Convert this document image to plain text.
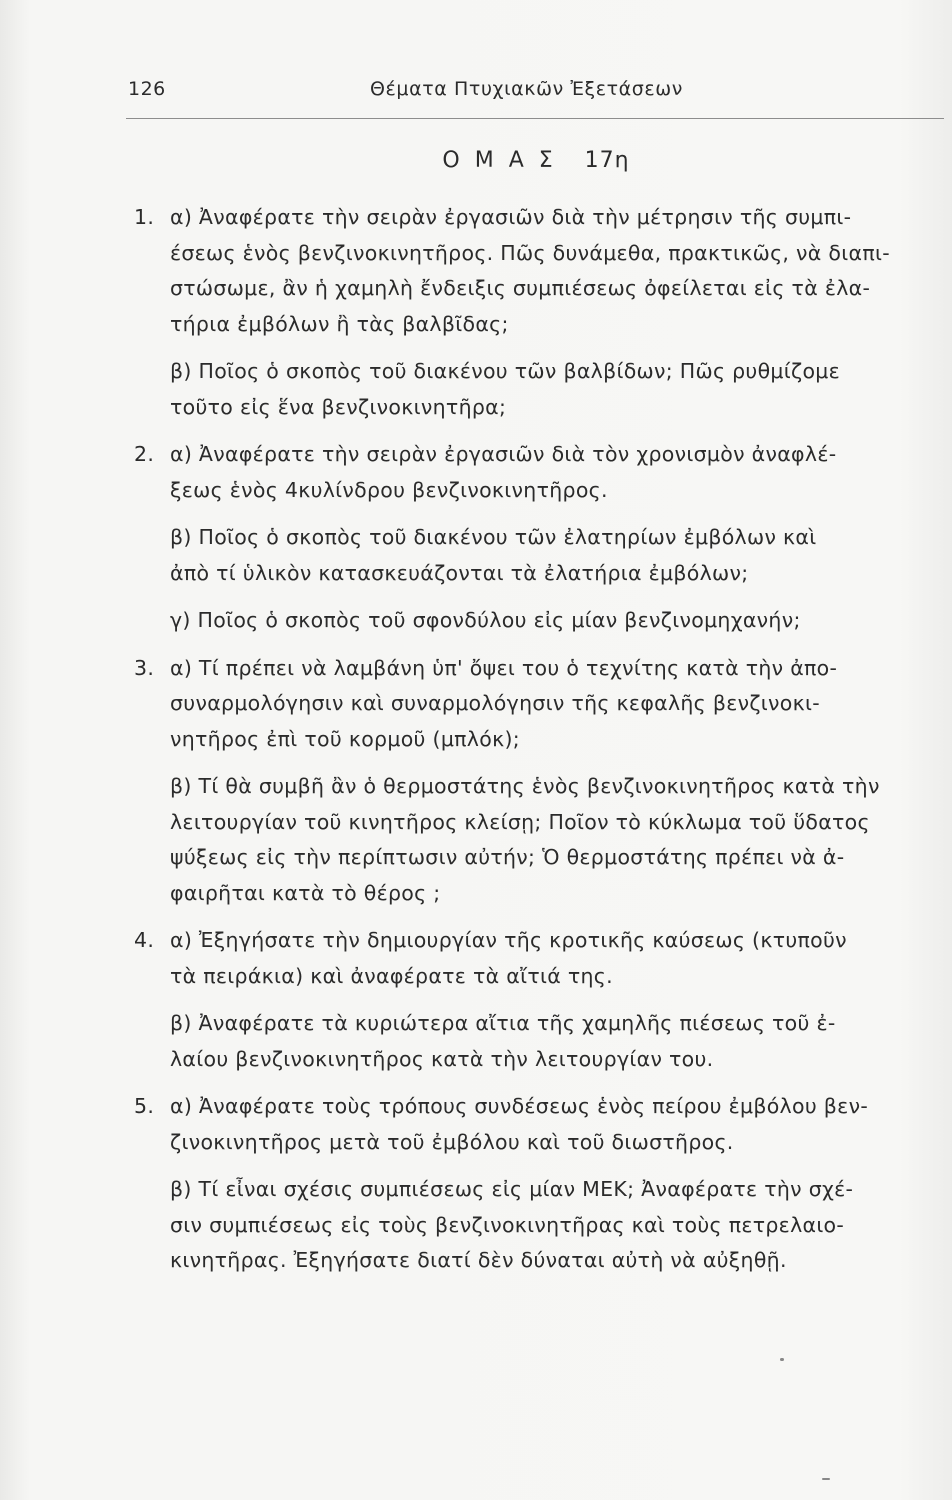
126	Θέματα Πτυχιακῶν Ἐξετάσεων
Ο Μ Α Σ 17η
1. α) Ἀναφέρατε τὴν σειρὰν ἐργασιῶν διὰ τὴν μέτρησιν τῆς συμπι-

έσεως ἑνὸς βενζινοκινητῆρος. Πῶς δυνάμεθα, πρακτικῶς, νὰ διαπι-

στώσωμε, ἂν ἡ χαμηλὴ ἔνδειξις συμπιέσεως ὀφείλεται εἰς τὰ ἐλα-

τήρια ἐμβόλων ἢ τὰς βαλβῖδας;

β) Ποῖος ὁ σκοπὸς τοῦ διακένου τῶν βαλβίδων; Πῶς ρυθμίζομε

τοῦτο εἰς ἕνα βενζινοκινητῆρα;

2. α) Ἀναφέρατε τὴν σειρὰν ἐργασιῶν διὰ τὸν χρονισμὸν ἀναφλέ-

ξεως ἑνὸς 4κυλίνδρου βενζινοκινητῆρος.

β) Ποῖος ὁ σκοπὸς τοῦ διακένου τῶν ἐλατηρίων ἐμβόλων καὶ

ἀπὸ τί ὑλικὸν κατασκευάζονται τὰ ἐλατήρια ἐμβόλων;

γ) Ποῖος ὁ σκοπὸς τοῦ σφονδύλου εἰς μίαν βενζινομηχανήν;

3. α) Τί πρέπει νὰ λαμβάνη ὑπ' ὄψει του ὁ τεχνίτης κατὰ τὴν ἀπο-

συναρμολόγησιν καὶ συναρμολόγησιν τῆς κεφαλῆς βενζινοκι-

νητῆρος ἐπὶ τοῦ κορμοῦ (μπλόκ);

β) Τί θὰ συμβῆ ἂν ὁ θερμοστάτης ἑνὸς βενζινοκινητῆρος κατὰ τὴν

λειτουργίαν τοῦ κινητῆρος κλείσῃ; Ποῖον τὸ κύκλωμα τοῦ ὕδατος

ψύξεως εἰς τὴν περίπτωσιν αὐτήν; Ὁ θερμοστάτης πρέπει νὰ ἀ-

φαιρῆται κατὰ τὸ θέρος ;

4. α) Ἐξηγήσατε τὴν δημιουργίαν τῆς κροτικῆς καύσεως (κτυποῦν

τὰ πειράκια) καὶ ἀναφέρατε τὰ αἴτιά της.

β) Ἀναφέρατε τὰ κυριώτερα αἴτια τῆς χαμηλῆς πιέσεως τοῦ ἐ-

λαίου βενζινοκινητῆρος κατὰ τὴν λειτουργίαν του.

5. α) Ἀναφέρατε τοὺς τρόπους συνδέσεως ἑνὸς πείρου ἐμβόλου βεν-

ζινοκινητῆρος μετὰ τοῦ ἐμβόλου καὶ τοῦ διωστῆρος.

β) Τί εἶναι σχέσις συμπιέσεως εἰς μίαν ΜΕΚ; Ἀναφέρατε τὴν σχέ-

σιν συμπιέσεως εἰς τοὺς βενζινοκινητῆρας καὶ τοὺς πετρελαιο-

κινητῆρας. Ἐξηγήσατε διατί δὲν δύναται αὐτὴ νὰ αὐξηθῇ.
